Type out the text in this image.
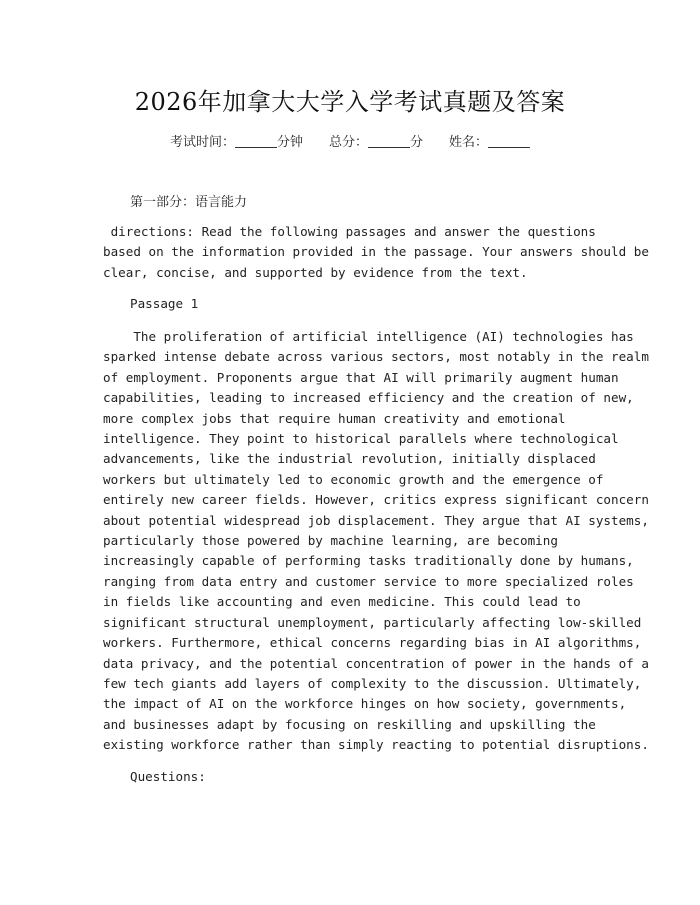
2026年加拿大大学入学考试真题及答案
考试时间：	分钟 总分：	分 姓名：
第一部分：语言能力
directions: Read the following passages and answer the questions
based on the information provided in the passage. Your answers should be
clear, concise, and supported by evidence from the text.
Passage 1
The proliferation of artificial intelligence (AI) technologies has
sparked intense debate across various sectors, most notably in the realm
of employment. Proponents argue that AI will primarily augment human
capabilities, leading to increased efficiency and the creation of new,
more complex jobs that require human creativity and emotional
intelligence. They point to historical parallels where technological
advancements, like the industrial revolution, initially displaced
workers but ultimately led to economic growth and the emergence of
entirely new career fields. However, critics express significant concern
about potential widespread job displacement. They argue that AI systems,
particularly those powered by machine learning, are becoming
increasingly capable of performing tasks traditionally done by humans,
ranging from data entry and customer service to more specialized roles
in fields like accounting and even medicine. This could lead to
significant structural unemployment, particularly affecting low-skilled
workers. Furthermore, ethical concerns regarding bias in AI algorithms,
data privacy, and the potential concentration of power in the hands of a
few tech giants add layers of complexity to the discussion. Ultimately,
the impact of AI on the workforce hinges on how society, governments,
and businesses adapt by focusing on reskilling and upskilling the
existing workforce rather than simply reacting to potential disruptions.
Questions:
